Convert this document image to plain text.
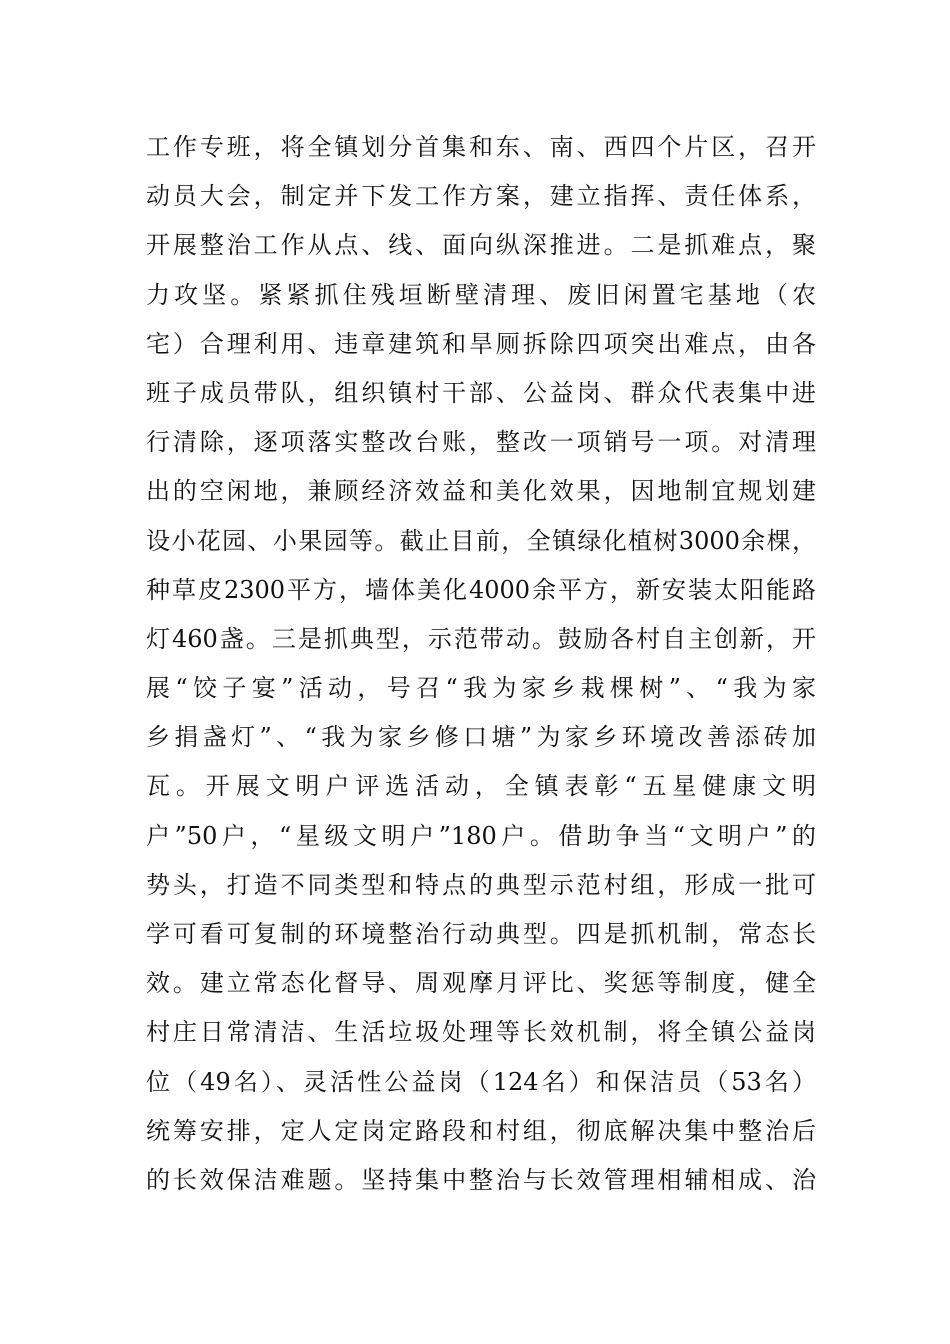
工作专班，将全镇划分首集和东、南、西四个片区，召开
动员大会，制定并下发工作方案，建立指挥、责任体系，
开展整治工作从点、线、面向纵深推进。二是抓难点，聚
力攻坚。紧紧抓住残垣断壁清理、废旧闲置宅基地（农
宅）合理利用、违章建筑和旱厕拆除四项突出难点，由各
班子成员带队，组织镇村干部、公益岗、群众代表集中进
行清除，逐项落实整改台账，整改一项销号一项。对清理
出的空闲地，兼顾经济效益和美化效果，因地制宜规划建
设小花园、小果园等。截止目前，全镇绿化植树3000余棵，
种草皮2300平方，墙体美化4000余平方，新安装太阳能路
灯460盏。三是抓典型，示范带动。鼓励各村自主创新，开
展“饺子宴”活动，号召“我为家乡栽棵树”、“我为家
乡捐盏灯”、“我为家乡修口塘”为家乡环境改善添砖加
瓦。开展文明户评选活动，全镇表彰“五星健康文明
户”50户，“星级文明户”180户。借助争当“文明户”的
势头，打造不同类型和特点的典型示范村组，形成一批可
学可看可复制的环境整治行动典型。四是抓机制，常态长
效。建立常态化督导、周观摩月评比、奖惩等制度，健全
村庄日常清洁、生活垃圾处理等长效机制，将全镇公益岗
位（49名）、灵活性公益岗（124名）和保洁员（53名）
统筹安排，定人定岗定路段和村组，彻底解决集中整治后
的长效保洁难题。坚持集中整治与长效管理相辅相成、治
